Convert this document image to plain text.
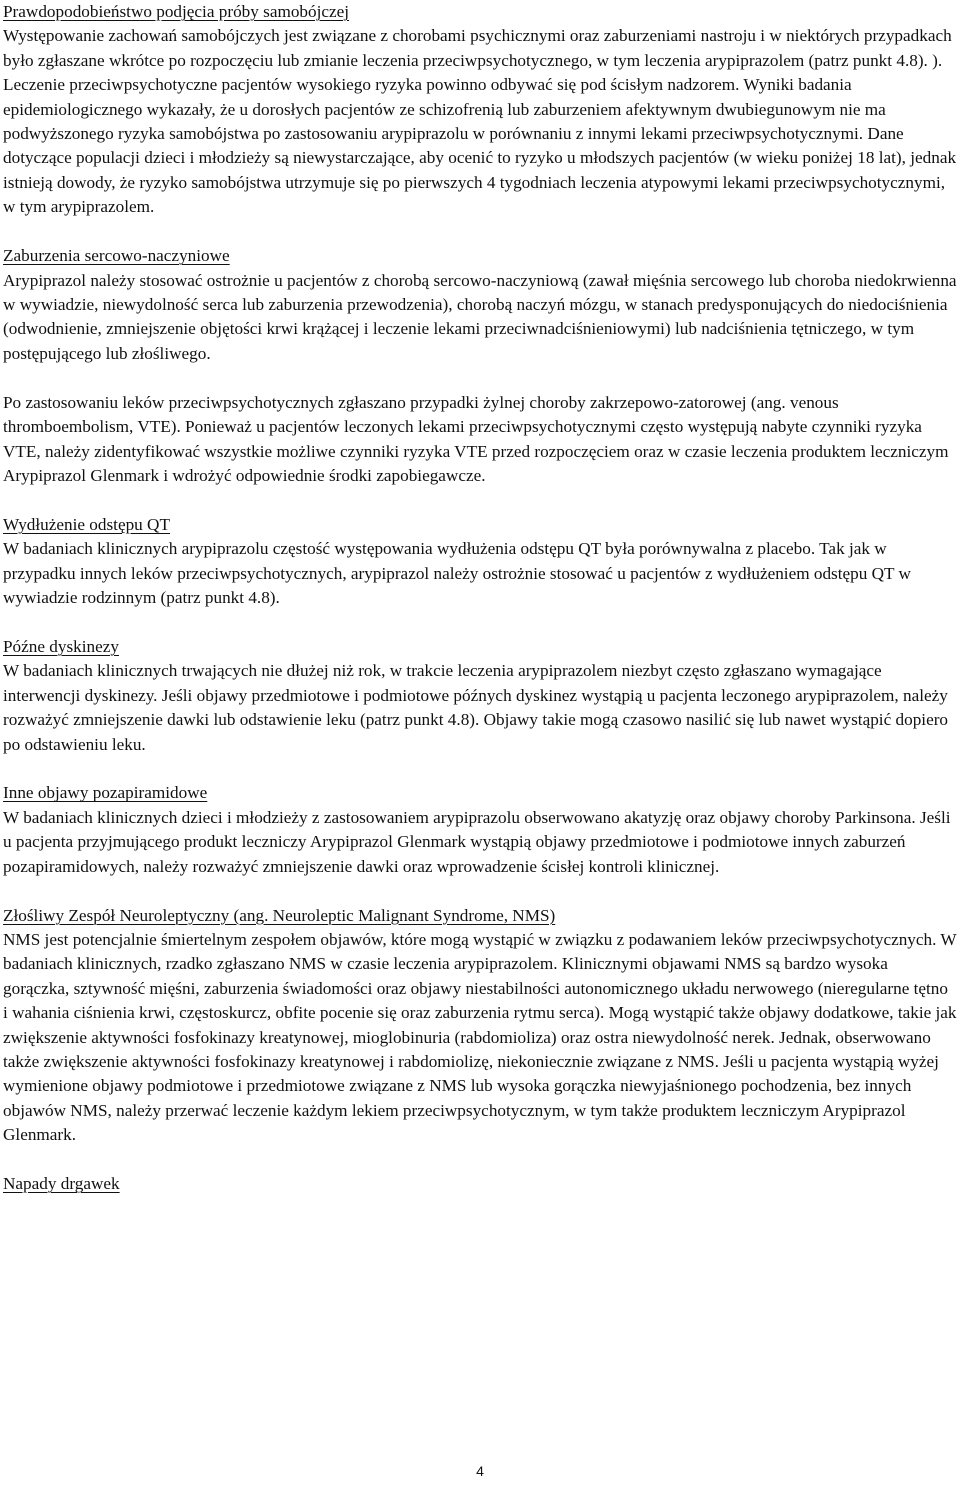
Prawdopodobieństwo podjęcia próby samobójczej

Występowanie zachowań samobójczych jest związane z chorobami psychicznymi oraz zaburzeniami nastroju i w niektórych przypadkach było zgłaszane wkrótce po rozpoczęciu lub zmianie leczenia przeciwpsychotycznego, w tym leczenia arypiprazolem (patrz punkt 4.8). ). Leczenie przeciwpsychotyczne pacjentów wysokiego ryzyka powinno odbywać się pod ścisłym nadzorem. Wyniki badania epidemiologicznego wykazały, że u dorosłych pacjentów ze schizofrenią lub zaburzeniem afektywnym dwubiegunowym nie ma podwyższonego ryzyka samobójstwa po zastosowaniu arypiprazolu w porównaniu z innymi lekami przeciwpsychotycznymi. Dane dotyczące populacji dzieci i młodzieży są niewystarczające, aby ocenić to ryzyko u młodszych pacjentów (w wieku poniżej 18 lat), jednak istnieją dowody, że ryzyko samobójstwa utrzymuje się po pierwszych 4 tygodniach leczenia atypowymi lekami przeciwpsychotycznymi, w tym arypiprazolem.

Zaburzenia sercowo-naczyniowe

Arypiprazol należy stosować ostrożnie u pacjentów z chorobą sercowo-naczyniową (zawał mięśnia sercowego lub choroba niedokrwienna w wywiadzie, niewydolność serca lub zaburzenia przewodzenia), chorobą naczyń mózgu, w stanach predysponujących do niedociśnienia (odwodnienie, zmniejszenie objętości krwi krążącej i leczenie lekami przeciwnadciśnieniowymi) lub nadciśnienia tętniczego, w tym postępującego lub złośliwego.

Po zastosowaniu leków przeciwpsychotycznych zgłaszano przypadki żylnej choroby zakrzepowo-zatorowej (ang. venous thromboembolism, VTE). Ponieważ u pacjentów leczonych lekami przeciwpsychotycznymi często występują nabyte czynniki ryzyka VTE, należy zidentyfikować wszystkie możliwe czynniki ryzyka VTE przed rozpoczęciem oraz w czasie leczenia produktem leczniczym Arypiprazol Glenmark i wdrożyć odpowiednie środki zapobiegawcze.

Wydłużenie odstępu QT

W badaniach klinicznych arypiprazolu częstość występowania wydłużenia odstępu QT była porównywalna z placebo. Tak jak w przypadku innych leków przeciwpsychotycznych, arypiprazol należy ostrożnie stosować u pacjentów z wydłużeniem odstępu QT w wywiadzie rodzinnym (patrz punkt 4.8).

Późne dyskinezy

W badaniach klinicznych trwających nie dłużej niż rok, w trakcie leczenia arypiprazolem niezbyt często zgłaszano wymagające interwencji dyskinezy. Jeśli objawy przedmiotowe i podmiotowe późnych dyskinez wystąpią u pacjenta leczonego arypiprazolem, należy rozważyć zmniejszenie dawki lub odstawienie leku (patrz punkt 4.8). Objawy takie mogą czasowo nasilić się lub nawet wystąpić dopiero po odstawieniu leku.

Inne objawy pozapiramidowe

W badaniach klinicznych dzieci i młodzieży z zastosowaniem arypiprazolu obserwowano akatyzję oraz objawy choroby Parkinsona. Jeśli u pacjenta przyjmującego produkt leczniczy Arypiprazol Glenmark wystąpią objawy przedmiotowe i podmiotowe innych zaburzeń pozapiramidowych, należy rozważyć zmniejszenie dawki oraz wprowadzenie ścisłej kontroli klinicznej.

Złośliwy Zespół Neuroleptyczny (ang. Neuroleptic Malignant Syndrome, NMS)

NMS jest potencjalnie śmiertelnym zespołem objawów, które mogą wystąpić w związku z podawaniem leków przeciwpsychotycznych. W badaniach klinicznych, rzadko zgłaszano NMS w czasie leczenia arypiprazolem. Klinicznymi objawami NMS są bardzo wysoka gorączka, sztywność mięśni, zaburzenia świadomości oraz objawy niestabilności autonomicznego układu nerwowego (nieregularne tętno i wahania ciśnienia krwi, częstoskurcz, obfite pocenie się oraz zaburzenia rytmu serca). Mogą wystąpić także objawy dodatkowe, takie jak zwiększenie aktywności fosfokinazy kreatynowej, mioglobinuria (rabdomioliza) oraz ostra niewydolność nerek. Jednak, obserwowano także zwiększenie aktywności fosfokinazy kreatynowej i rabdomiolizę, niekoniecznie związane z NMS. Jeśli u pacjenta wystąpią wyżej wymienione objawy podmiotowe i przedmiotowe związane z NMS lub wysoka gorączka niewyjaśnionego pochodzenia, bez innych objawów NMS, należy przerwać leczenie każdym lekiem przeciwpsychotycznym, w tym także produktem leczniczym Arypiprazol Glenmark.

Napady drgawek
4
